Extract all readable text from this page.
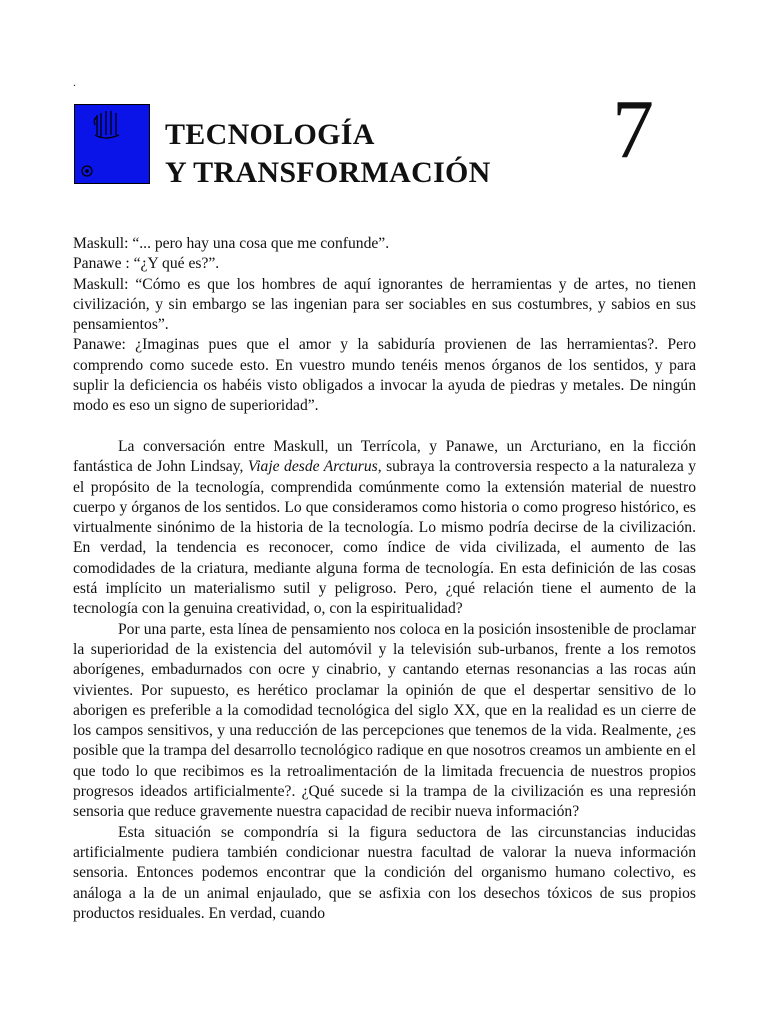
.
TECNOLOGÍA
Y TRANSFORMACIÓN 7

Maskull: “... pero hay una cosa que me confunde”.

Panawe : “¿Y qué es?”.

Maskull: “Cómo es que los hombres de aquí ignorantes de herramientas y de artes, no tienen civilización, y sin embargo se las ingenian para ser sociables en sus costumbres, y sabios en sus pensamientos”.

Panawe: ¿Imaginas pues que el amor y la sabiduría provienen de las herramientas?. Pero comprendo como sucede esto. En vuestro mundo tenéis menos órganos de los sentidos, y para suplir la deficiencia os habéis visto obligados a invocar la ayuda de piedras y metales. De ningún modo es eso un signo de superioridad”.

La conversación entre Maskull, un Terrícola, y Panawe, un Arcturiano, en la ficción fantástica de John Lindsay, Viaje desde Arcturus, subraya la controversia respecto a la naturaleza y el propósito de la tecnología, comprendida comúnmente como la extensión material de nuestro cuerpo y órganos de los sentidos. Lo que consideramos como historia o como progreso histórico, es virtualmente sinónimo de la historia de la tecnología. Lo mismo podría decirse de la civilización. En verdad, la tendencia es reconocer, como índice de vida civilizada, el aumento de las comodidades de la criatura, mediante alguna forma de tecnología. En esta definición de las cosas está implícito un materialismo sutil y peligroso. Pero, ¿qué relación tiene el aumento de la tecnología con la genuina creatividad, o, con la espiritualidad?

Por una parte, esta línea de pensamiento nos coloca en la posición insostenible de proclamar la superioridad de la existencia del automóvil y la televisión sub-urbanos, frente a los remotos aborígenes, embadurnados con ocre y cinabrio, y cantando eternas resonancias a las rocas aún vivientes. Por supuesto, es herético proclamar la opinión de que el despertar sensitivo de lo aborigen es preferible a la comodidad tecnológica del siglo XX, que en la realidad es un cierre de los campos sensitivos, y una reducción de las percepciones que tenemos de la vida. Realmente, ¿es posible que la trampa del desarrollo tecnológico radique en que nosotros creamos un ambiente en el que todo lo que recibimos es la retroalimentación de la limitada frecuencia de nuestros propios progresos ideados artificialmente?. ¿Qué sucede si la trampa de la civilización es una represión sensoria que reduce gravemente nuestra capacidad de recibir nueva información?

Esta situación se compondría si la figura seductora de las circunstancias inducidas artificialmente pudiera también condicionar nuestra facultad de valorar la nueva información sensoria. Entonces podemos encontrar que la condición del organismo humano colectivo, es análoga a la de un animal enjaulado, que se asfixia con los desechos tóxicos de sus propios productos residuales. En verdad, cuando
